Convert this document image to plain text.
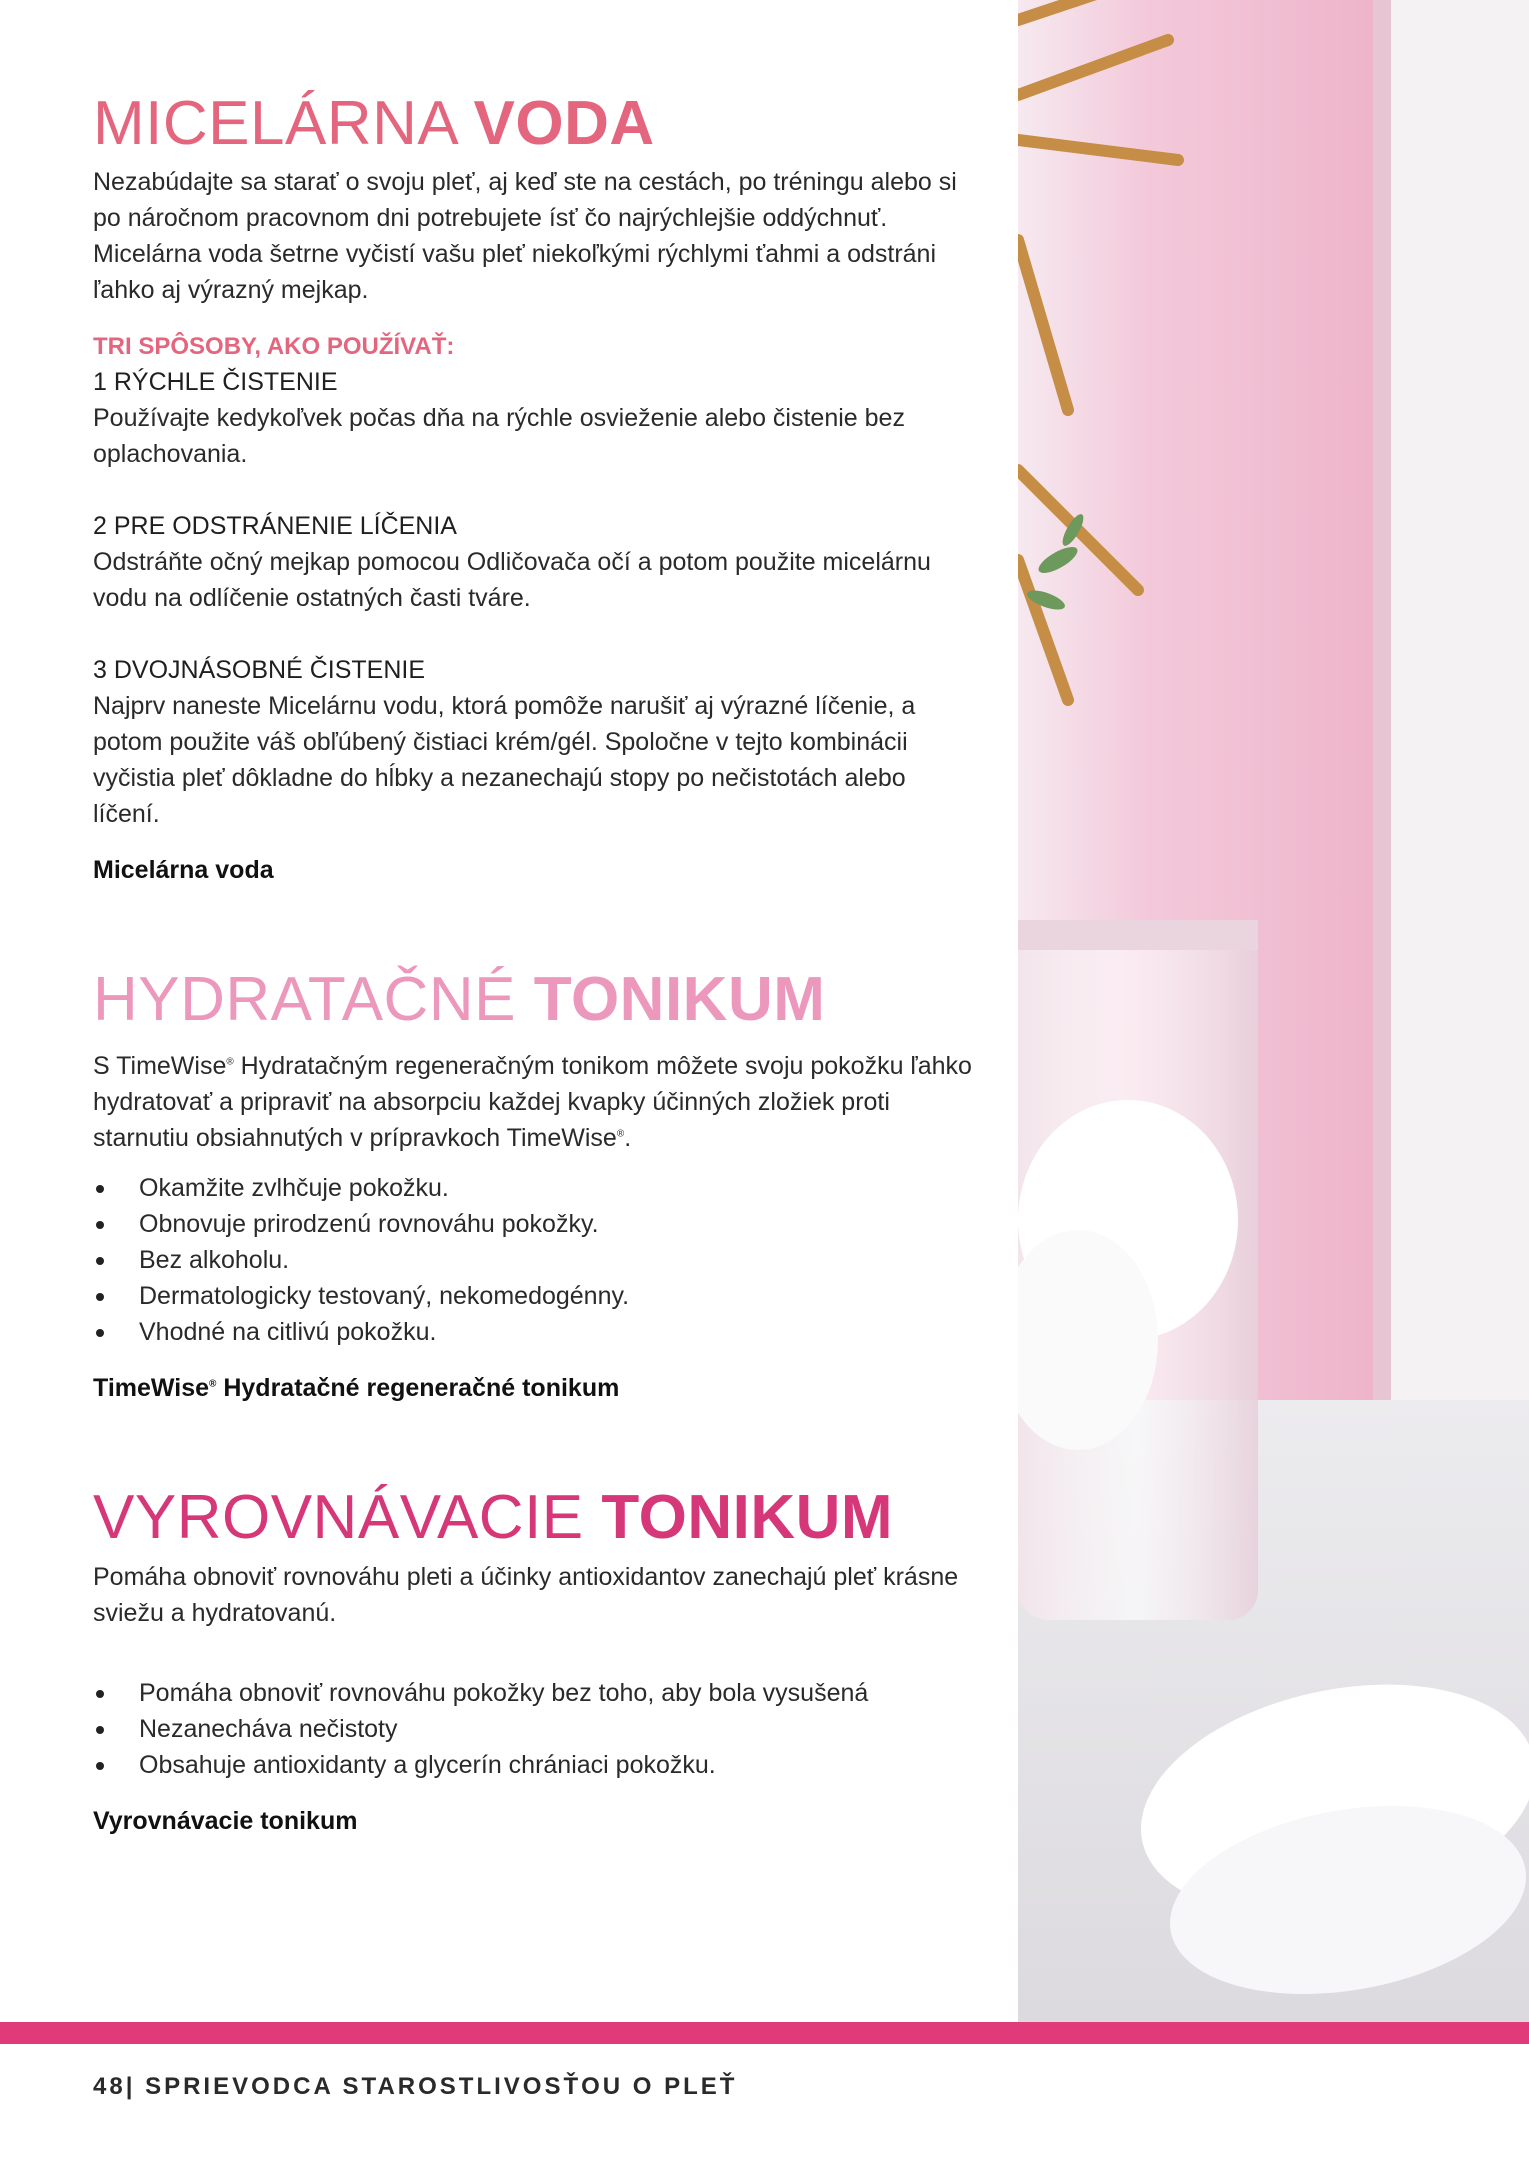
MICELÁRNA VODA

Nezabúdajte sa starať o svoju pleť, aj keď ste na cestách, po tréningu alebo si po náročnom pracovnom dni potrebujete ísť čo najrýchlejšie oddýchnuť. Micelárna voda šetrne vyčistí vašu pleť niekoľkými rýchlymi ťahmi a odstráni ľahko aj výrazný mejkap.

TRI SPÔSOBY, AKO POUŽÍVAŤ:

1 RÝCHLE ČISTENIE

Používajte kedykoľvek počas dňa na rýchle osvieženie alebo čistenie bez oplachovania.

2 PRE ODSTRÁNENIE LÍČENIA

Odstráňte očný mejkap pomocou Odličovača očí a potom použite micelárnu vodu na odlíčenie ostatných časti tváre.

3 DVOJNÁSOBNÉ ČISTENIE

Najprv naneste Micelárnu vodu, ktorá pomôže narušiť aj výrazné líčenie, a potom použite váš obľúbený čistiaci krém/gél. Spoločne v tejto kombinácii vyčistia pleť dôkladne do hĺbky a nezanechajú stopy po nečistotách alebo líčení.

Micelárna voda

HYDRATAČNÉ TONIKUM

S TimeWise® Hydratačným regeneračným tonikom môžete svoju pokožku ľahko hydratovať a pripraviť na absorpciu každej kvapky účinných zložiek proti starnutiu obsiahnutých v prípravkoch TimeWise®.

Okamžite zvlhčuje pokožku.
Obnovuje prirodzenú rovnováhu pokožky.
Bez alkoholu.
Dermatologicky testovaný, nekomedogénny.
Vhodné na citlivú pokožku.

TimeWise® Hydratačné regeneračné tonikum

VYROVNÁVACIE TONIKUM

Pomáha obnoviť rovnováhu pleti a účinky antioxidantov zanechajú pleť krásne sviežu a hydratovanú.

Pomáha obnoviť rovnováhu pokožky bez toho, aby bola vysušená
Nezanecháva nečistoty
Obsahuje antioxidanty a glycerín chrániaci pokožku.

Vyrovnávacie tonikum

48| SPRIEVODCA STAROSTLIVOSŤOU O PLEŤ
